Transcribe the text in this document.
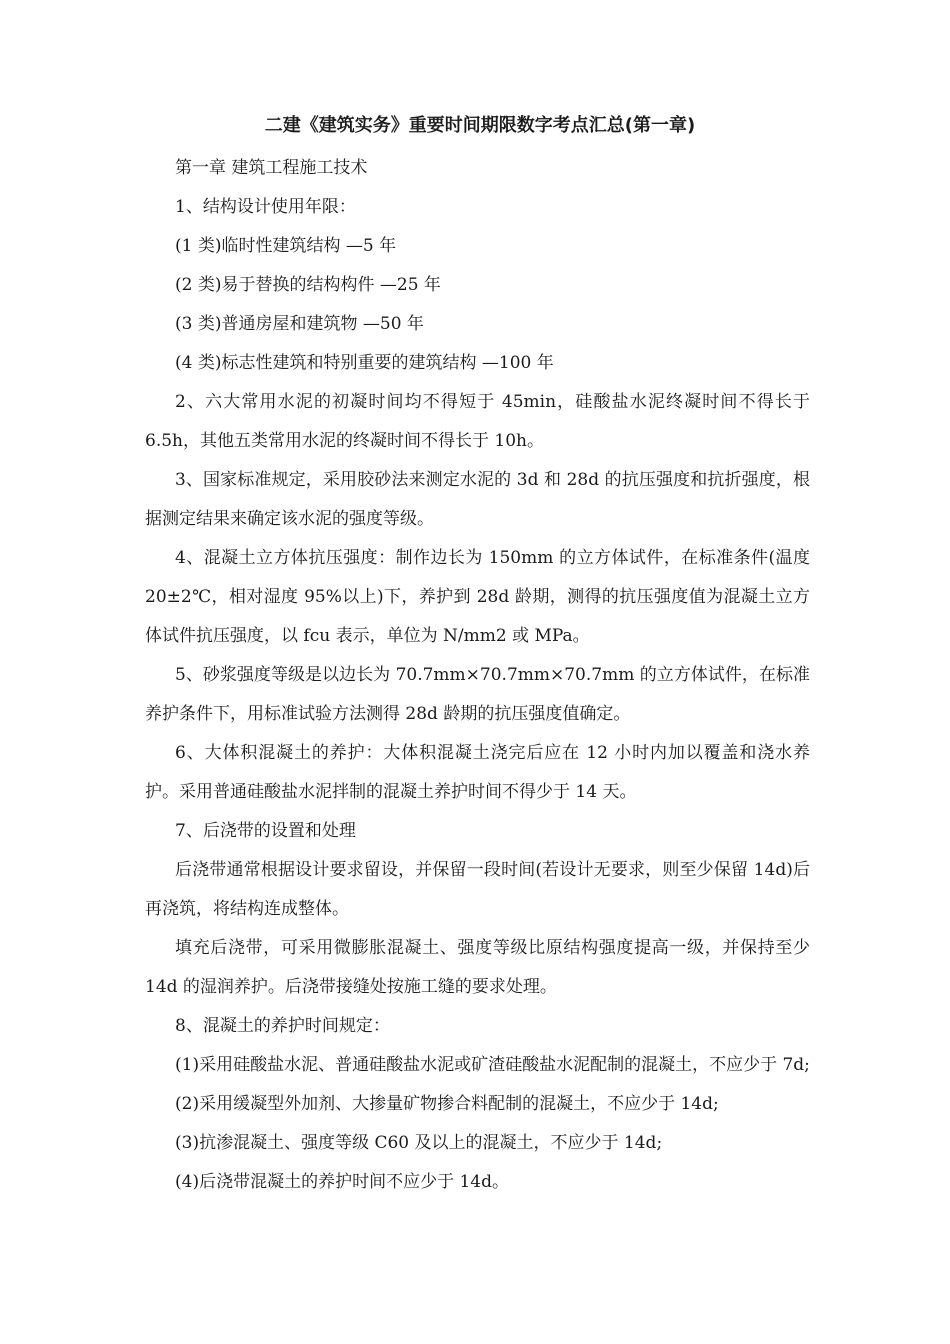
二建《建筑实务》重要时间期限数字考点汇总(第一章)

第一章 建筑工程施工技术

1、结构设计使用年限：

(1 类)临时性建筑结构 —5 年

(2 类)易于替换的结构构件 —25 年

(3 类)普通房屋和建筑物 —50 年

(4 类)标志性建筑和特别重要的建筑结构 —100 年

2、六大常用水泥的初凝时间均不得短于 45min，硅酸盐水泥终凝时间不得长于 6.5h，其他五类常用水泥的终凝时间不得长于 10h。

3、国家标准规定，采用胶砂法来测定水泥的 3d 和 28d 的抗压强度和抗折强度，根据测定结果来确定该水泥的强度等级。

4、混凝土立方体抗压强度：制作边长为 150mm 的立方体试件，在标准条件(温度 20±2℃，相对湿度 95%以上)下，养护到 28d 龄期，测得的抗压强度值为混凝土立方体试件抗压强度，以 fcu 表示，单位为 N/mm2 或 MPa。

5、砂浆强度等级是以边长为 70.7mm×70.7mm×70.7mm 的立方体试件，在标准养护条件下，用标准试验方法测得 28d 龄期的抗压强度值确定。

6、大体积混凝土的养护：大体积混凝土浇完后应在 12 小时内加以覆盖和浇水养护。采用普通硅酸盐水泥拌制的混凝土养护时间不得少于 14 天。

7、后浇带的设置和处理

后浇带通常根据设计要求留设，并保留一段时间(若设计无要求，则至少保留 14d)后再浇筑，将结构连成整体。

填充后浇带，可采用微膨胀混凝土、强度等级比原结构强度提高一级，并保持至少 14d 的湿润养护。后浇带接缝处按施工缝的要求处理。

8、混凝土的养护时间规定：

(1)采用硅酸盐水泥、普通硅酸盐水泥或矿渣硅酸盐水泥配制的混凝土，不应少于 7d;

(2)采用缓凝型外加剂、大掺量矿物掺合料配制的混凝土，不应少于 14d;

(3)抗渗混凝土、强度等级 C60 及以上的混凝土，不应少于 14d;

(4)后浇带混凝土的养护时间不应少于 14d。
